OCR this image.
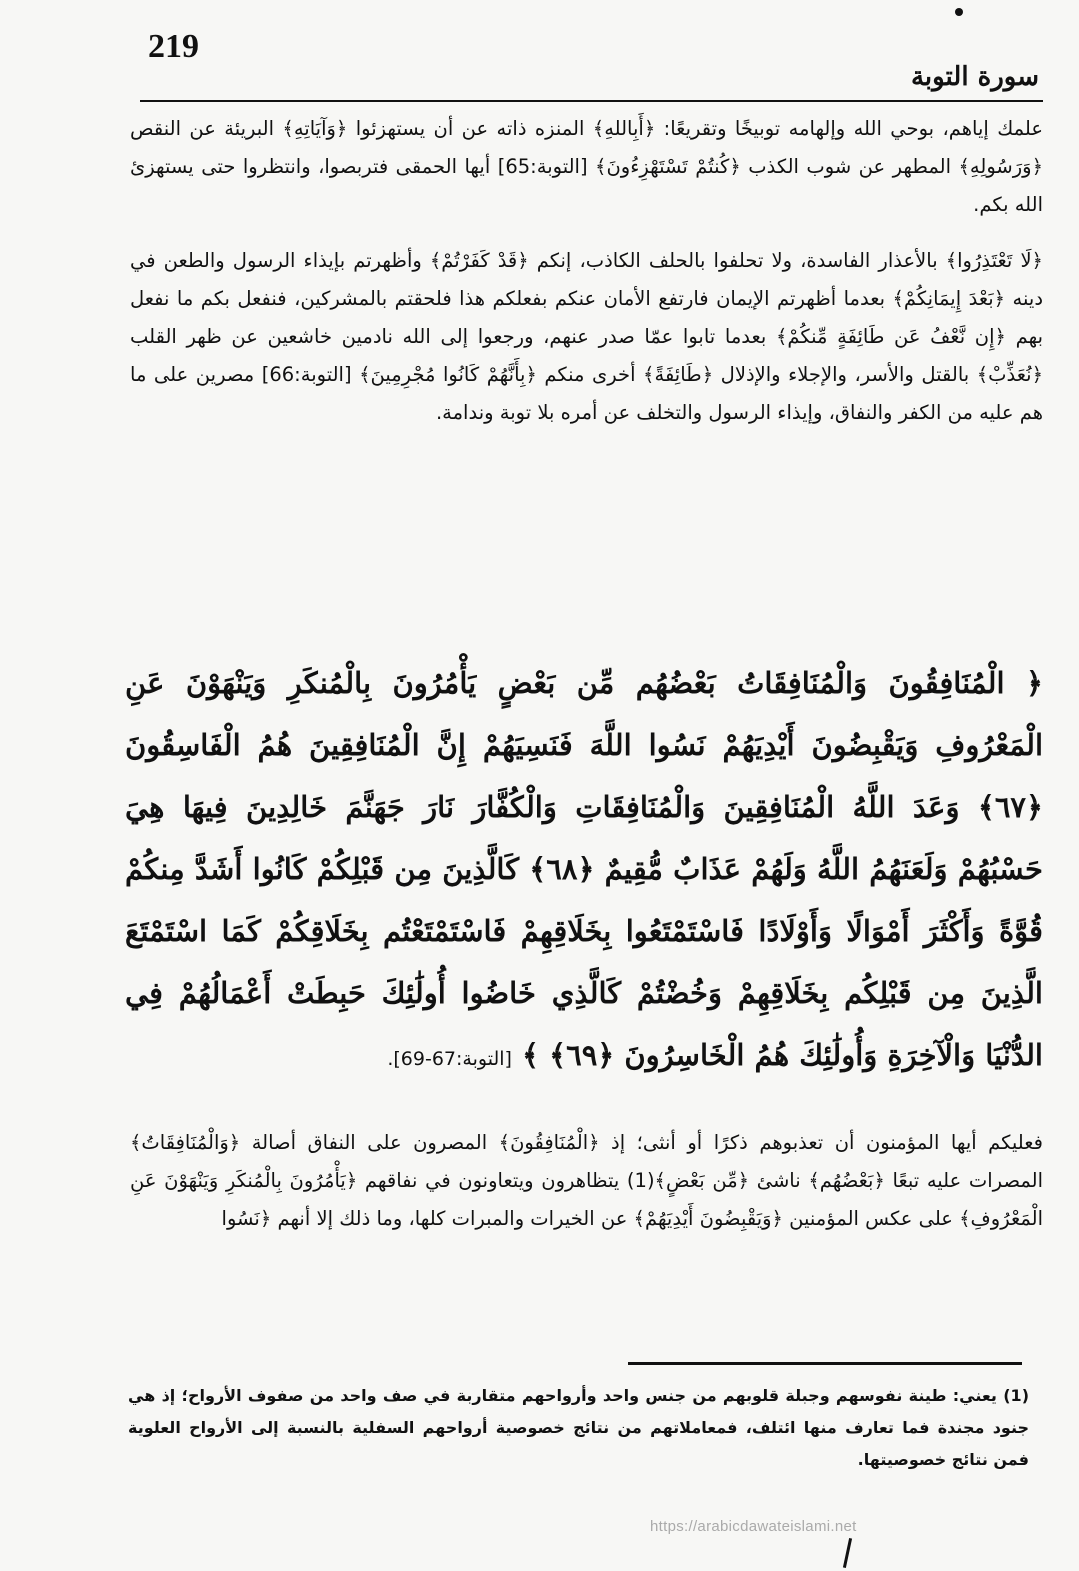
219
سورة التوبة

علمك إياهم، بوحي الله وإلهامه توبيخًا وتقريعًا: ﴿أَبِاللهِ﴾ المنزه ذاته عن أن يستهزئوا ﴿وَآيَاتِهِ﴾ البريئة عن النقص ﴿وَرَسُولِهِ﴾ المطهر عن شوب الكذب ﴿كُنتُمْ تَسْتَهْزِءُونَ﴾ [التوبة:65] أيها الحمقى فتربصوا، وانتظروا حتى يستهزئ الله بكم.

﴿لَا تَعْتَذِرُوا﴾ بالأعذار الفاسدة، ولا تحلفوا بالحلف الكاذب، إنكم ﴿قَدْ كَفَرْتُمْ﴾ وأظهرتم بإيذاء الرسول والطعن في دينه ﴿بَعْدَ إِيمَانِكُمْ﴾ بعدما أظهرتم الإيمان فارتفع الأمان عنكم بفعلكم هذا فلحقتم بالمشركين، فنفعل بكم ما نفعل بهم ﴿إِن نَّعْفُ عَن طَائِفَةٍ مِّنكُمْ﴾ بعدما تابوا عمّا صدر عنهم، ورجعوا إلى الله نادمين خاشعين عن ظهر القلب ﴿نُعَذِّبْ﴾ بالقتل والأسر، والإجلاء والإذلال ﴿طَائِفَةً﴾ أخرى منكم ﴿بِأَنَّهُمْ كَانُوا مُجْرِمِينَ﴾ [التوبة:66] مصرين على ما هم عليه من الكفر والنفاق، وإيذاء الرسول والتخلف عن أمره بلا توبة وندامة.

﴿ الْمُنَافِقُونَ وَالْمُنَافِقَاتُ بَعْضُهُم مِّن بَعْضٍ يَأْمُرُونَ بِالْمُنكَرِ وَيَنْهَوْنَ عَنِ الْمَعْرُوفِ وَيَقْبِضُونَ أَيْدِيَهُمْ نَسُوا اللَّهَ فَنَسِيَهُمْ إِنَّ الْمُنَافِقِينَ هُمُ الْفَاسِقُونَ ﴿٦٧﴾ وَعَدَ اللَّهُ الْمُنَافِقِينَ وَالْمُنَافِقَاتِ وَالْكُفَّارَ نَارَ جَهَنَّمَ خَالِدِينَ فِيهَا هِيَ حَسْبُهُمْ وَلَعَنَهُمُ اللَّهُ وَلَهُمْ عَذَابٌ مُّقِيمٌ ﴿٦٨﴾ كَالَّذِينَ مِن قَبْلِكُمْ كَانُوا أَشَدَّ مِنكُمْ قُوَّةً وَأَكْثَرَ أَمْوَالًا وَأَوْلَادًا فَاسْتَمْتَعُوا بِخَلَاقِهِمْ فَاسْتَمْتَعْتُم بِخَلَاقِكُمْ كَمَا اسْتَمْتَعَ الَّذِينَ مِن قَبْلِكُم بِخَلَاقِهِمْ وَخُضْتُمْ كَالَّذِي خَاضُوا أُولَٰئِكَ حَبِطَتْ أَعْمَالُهُمْ فِي الدُّنْيَا وَالْآخِرَةِ وَأُولَٰئِكَ هُمُ الْخَاسِرُونَ ﴿٦٩﴾ ﴾ [التوبة:67-69].

فعليكم أيها المؤمنون أن تعذبوهم ذكرًا أو أنثى؛ إذ ﴿الْمُنَافِقُونَ﴾ المصرون على النفاق أصالة ﴿وَالْمُنَافِقَاتُ﴾ المصرات عليه تبعًا ﴿بَعْضُهُم﴾ ناشئ ﴿مِّن بَعْضٍ﴾(1) يتظاهرون ويتعاونون في نفاقهم ﴿يَأْمُرُونَ بِالْمُنكَرِ وَيَنْهَوْنَ عَنِ الْمَعْرُوفِ﴾ على عكس المؤمنين ﴿وَيَقْبِضُونَ أَيْدِيَهُمْ﴾ عن الخيرات والمبرات كلها، وما ذلك إلا أنهم ﴿نَسُوا

(1) يعني: طينة نفوسهم وجبلة قلوبهم من جنس واحد وأرواحهم متقاربة في صف واحد من صفوف الأرواح؛ إذ هي جنود مجندة فما تعارف منها ائتلف، فمعاملاتهم من نتائج خصوصية أرواحهم السفلية بالنسبة إلى الأرواح العلوية فمن نتائج خصوصيتها.
https://arabicdawateislami.net
